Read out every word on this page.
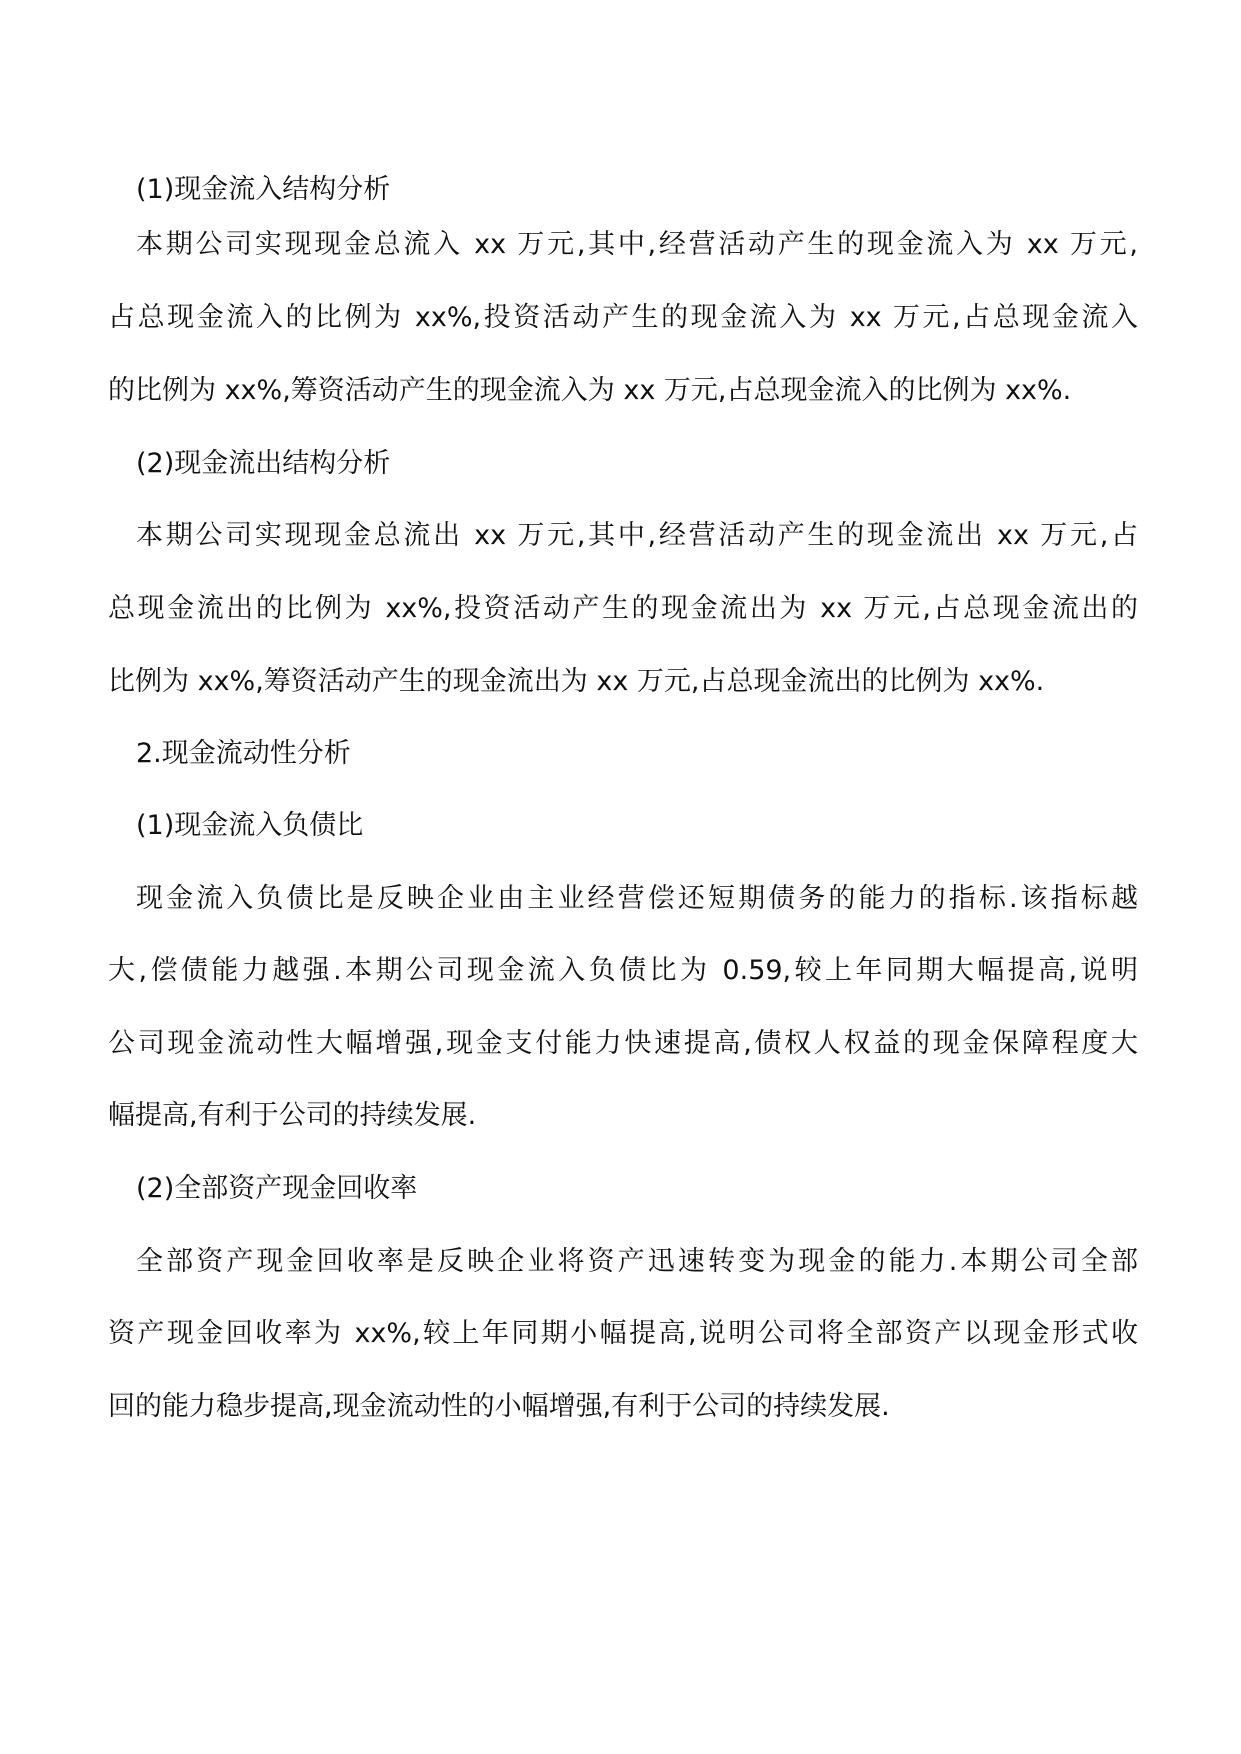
(1)现金流入结构分析
本期公司实现现金总流入 xx 万元,其中,经营活动产生的现金流入为 xx 万元,
占总现金流入的比例为 xx%,投资活动产生的现金流入为 xx 万元,占总现金流入
的比例为 xx%,筹资活动产生的现金流入为 xx 万元,占总现金流入的比例为 xx%.
(2)现金流出结构分析
本期公司实现现金总流出 xx 万元,其中,经营活动产生的现金流出 xx 万元,占
总现金流出的比例为 xx%,投资活动产生的现金流出为 xx 万元,占总现金流出的
比例为 xx%,筹资活动产生的现金流出为 xx 万元,占总现金流出的比例为 xx%.
2.现金流动性分析
(1)现金流入负债比
现金流入负债比是反映企业由主业经营偿还短期债务的能力的指标.该指标越
大,偿债能力越强.本期公司现金流入负债比为 0.59,较上年同期大幅提高,说明
公司现金流动性大幅增强,现金支付能力快速提高,债权人权益的现金保障程度大
幅提高,有利于公司的持续发展.
(2)全部资产现金回收率
全部资产现金回收率是反映企业将资产迅速转变为现金的能力.本期公司全部
资产现金回收率为 xx%,较上年同期小幅提高,说明公司将全部资产以现金形式收
回的能力稳步提高,现金流动性的小幅增强,有利于公司的持续发展.
